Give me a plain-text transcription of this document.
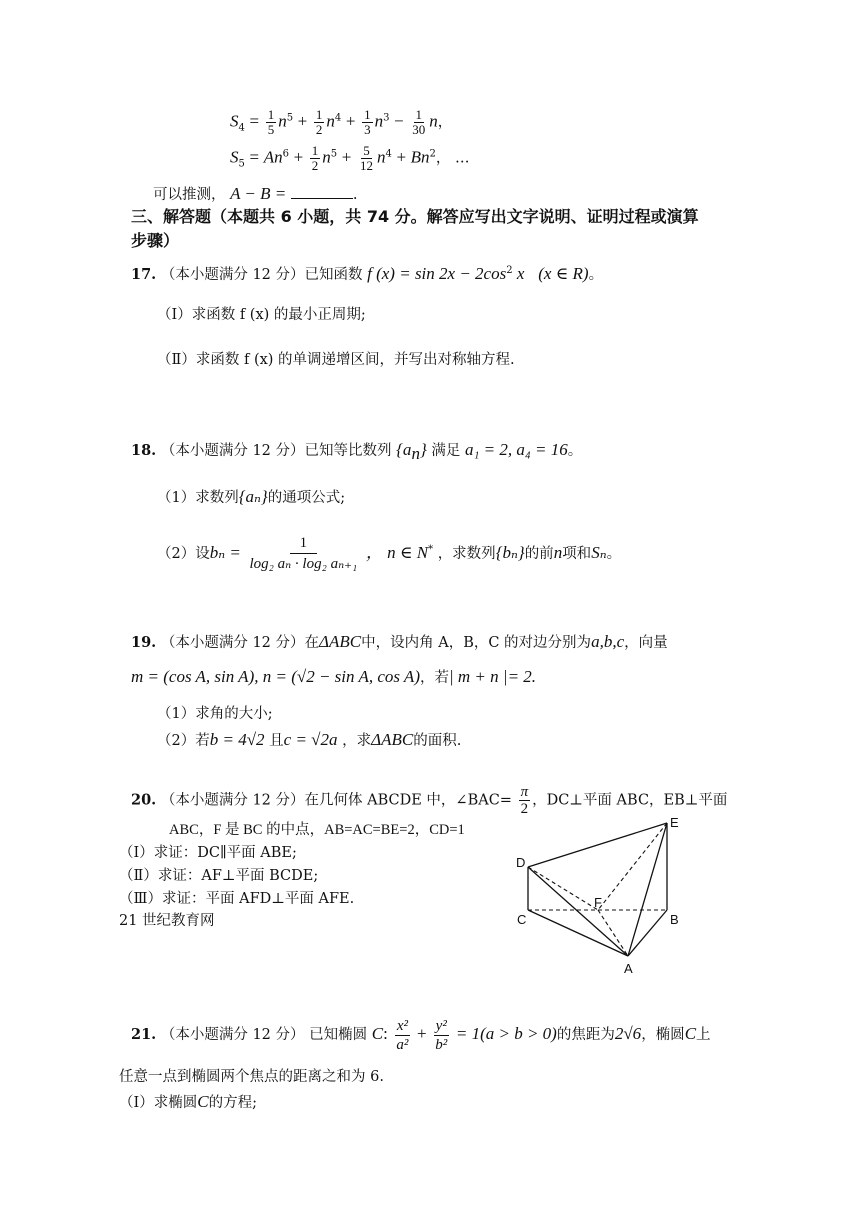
$S_4 = \frac{1}{5} n^5 + \frac{1}{2} n^4 + \frac{1}{3} n^3 - \frac{1}{30}$ n，
$S_5 = An^6 + \frac{1}{2} n^5 + \frac{5}{12} n^4 + Bn^2$， …
可以推测， A − B =	.
三、解答题（本题共 6 小题，共 74 分。解答应写出文字说明、证明过程或演算
步骤）
17. （本小题满分 12 分）已知函数 f $(x) = \sin 2x - 2\cos^2$ x (x ∈ R)。
（Ⅰ）求函数 f (x) 的最小正周期;
（Ⅱ）求函数 f (x) 的单调递增区间，并写出对称轴方程.
18. （本小题满分 12 分）已知等比数列 $\{a_n\}$ 满足 a₁ = 2, a₄ = 16。
（1）求数列{aₙ}的通项公式;
（2）设$b_n = \frac{1}{\text{log₂ aₙ · log₂ aₙ₊₁}}$ ， n ∈ N* ，求数列{bₙ}的前n项和Sₙ。
19. （本小题满分 12 分）在ΔABC中，设内角 A，B，C 的对边分别为a,b,c，向量
m = (cos A, sin A), n = (√2 − sin A, cos A)，若| m + n |= 2.
（1）求角的大小;
（2）若b = 4√2 且c = √2a ，求ΔABC的面积.
20. （本小题满分 12 分）在几何体 ABCDE 中，∠BAC= $\frac{\pi}{2}$ ，DC⊥平面 ABC，EB⊥平面
ABC，F 是 BC 的中点，AB=AC=BE=2，CD=1
（Ⅰ）求证：DC∥平面 ABE;
（Ⅱ）求证：AF⊥平面 BCDE;
（Ⅲ）求证：平面 AFD⊥平面 AFE.
21 世纪教育网
E
D
F
C	B
A
21. （本小题满分 12 分） 已知椭圆 C: $\frac{\text{x²}}{\text{a²}} + \frac{\text{y²}}{\text{b²}} = 1(a > b > 0)$的焦距为2√6，椭圆C上
任意一点到椭圆两个焦点的距离之和为 6.
（Ⅰ）求椭圆C的方程;
